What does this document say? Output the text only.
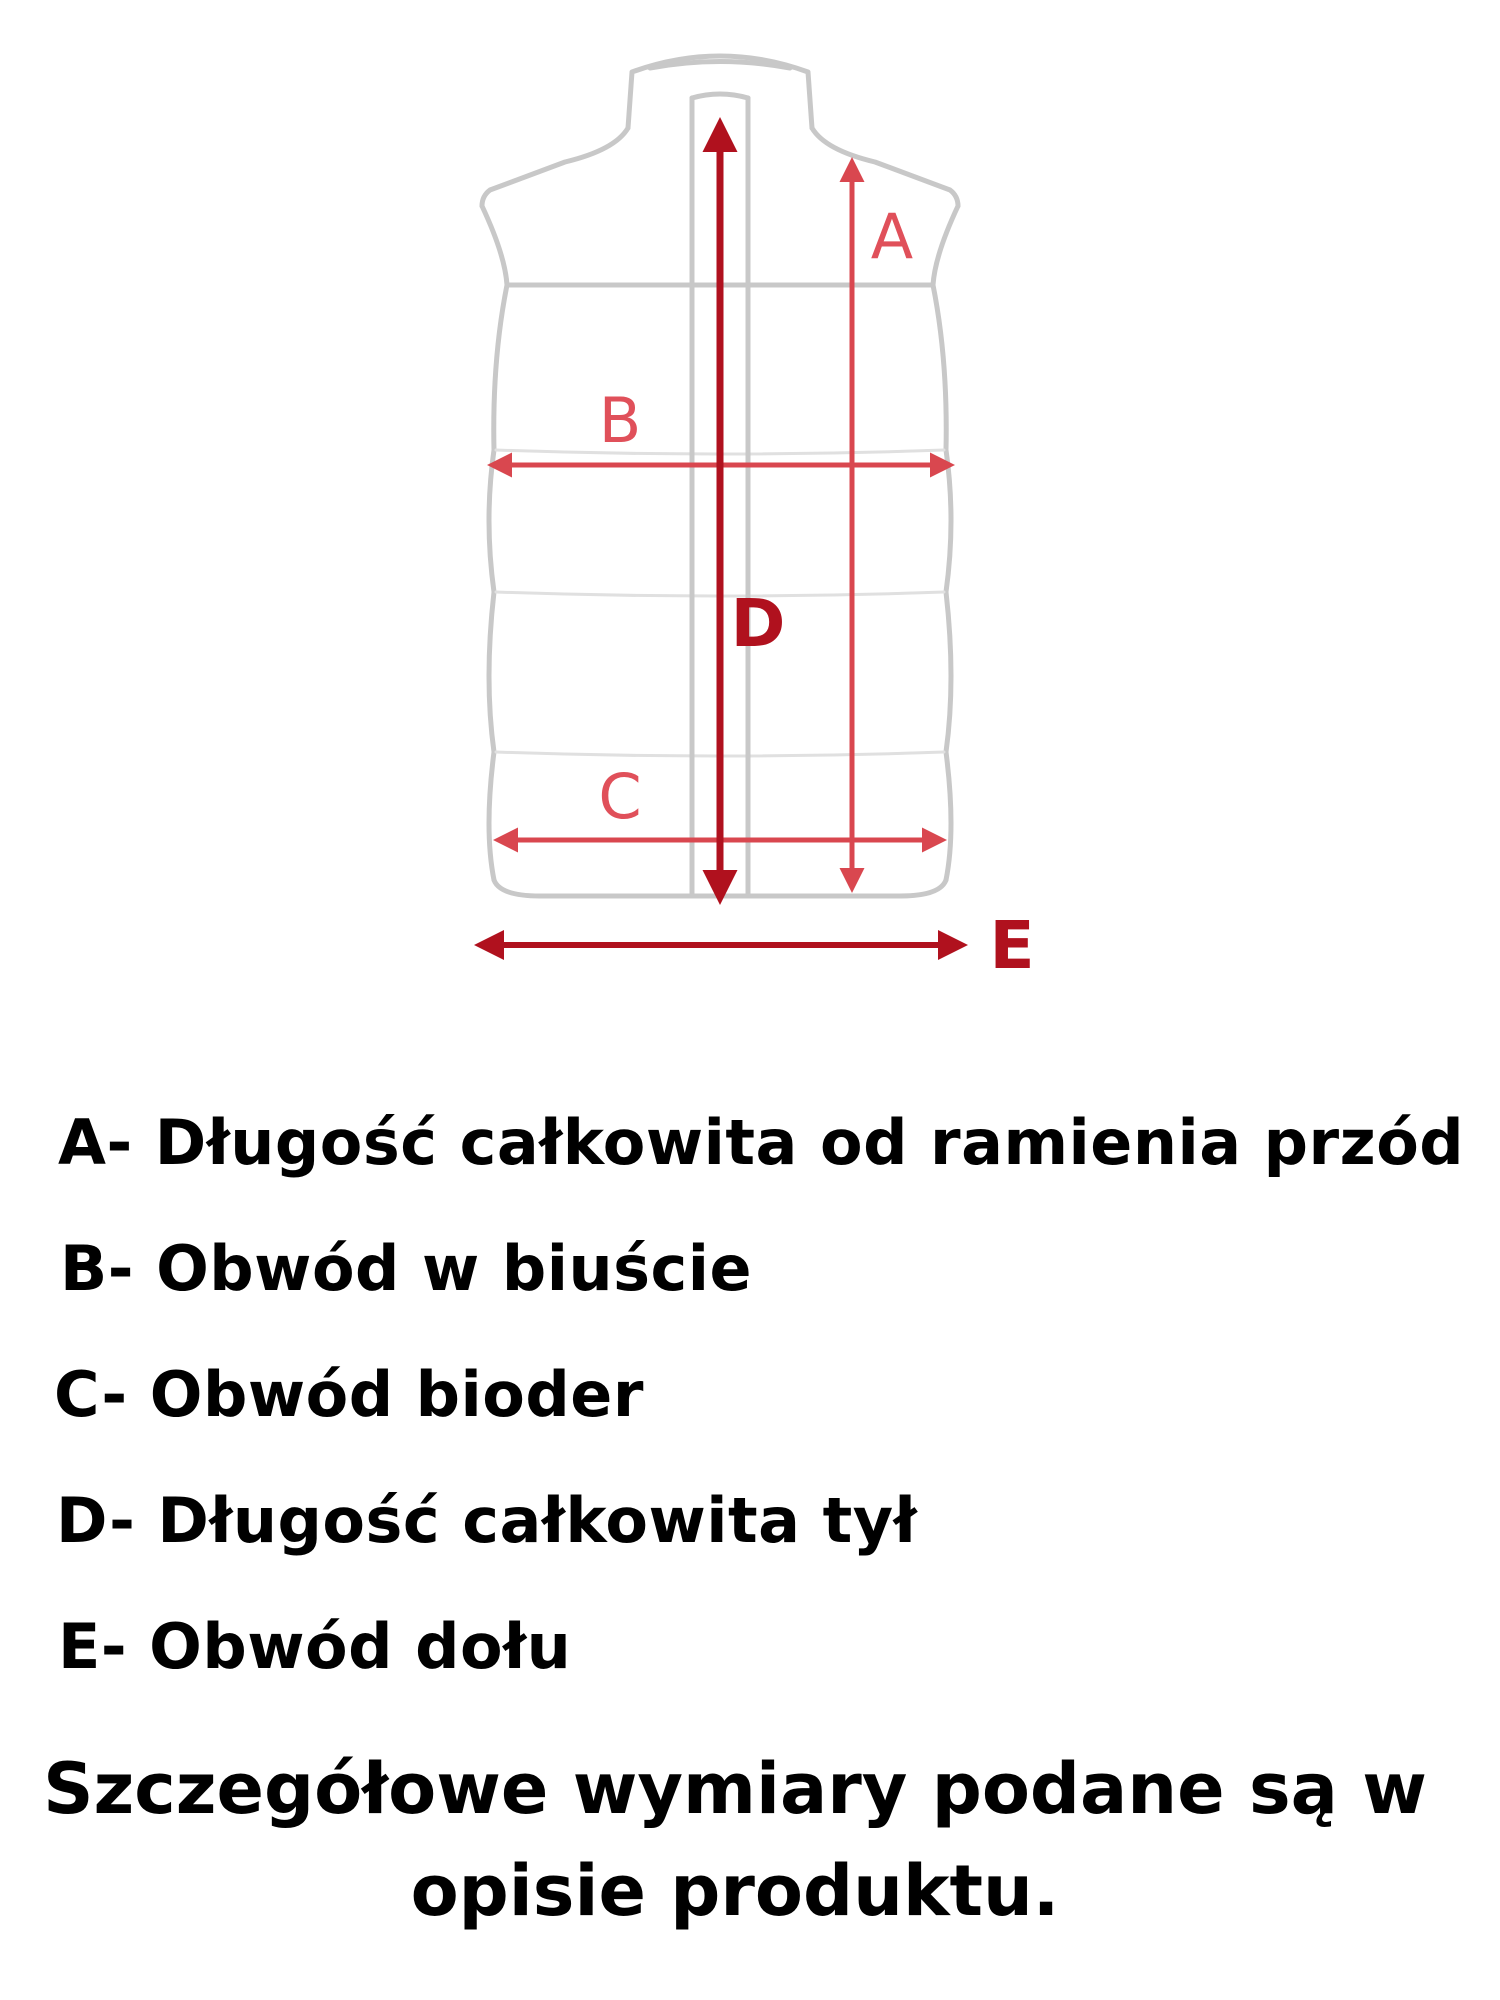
A
B
C
D
E
A- Długość całkowita od ramienia przód
B- Obwód w biuście
C- Obwód bioder
D- Długość całkowita tył
E- Obwód dołu
Szczegółowe wymiary podane są w opisie produktu.
